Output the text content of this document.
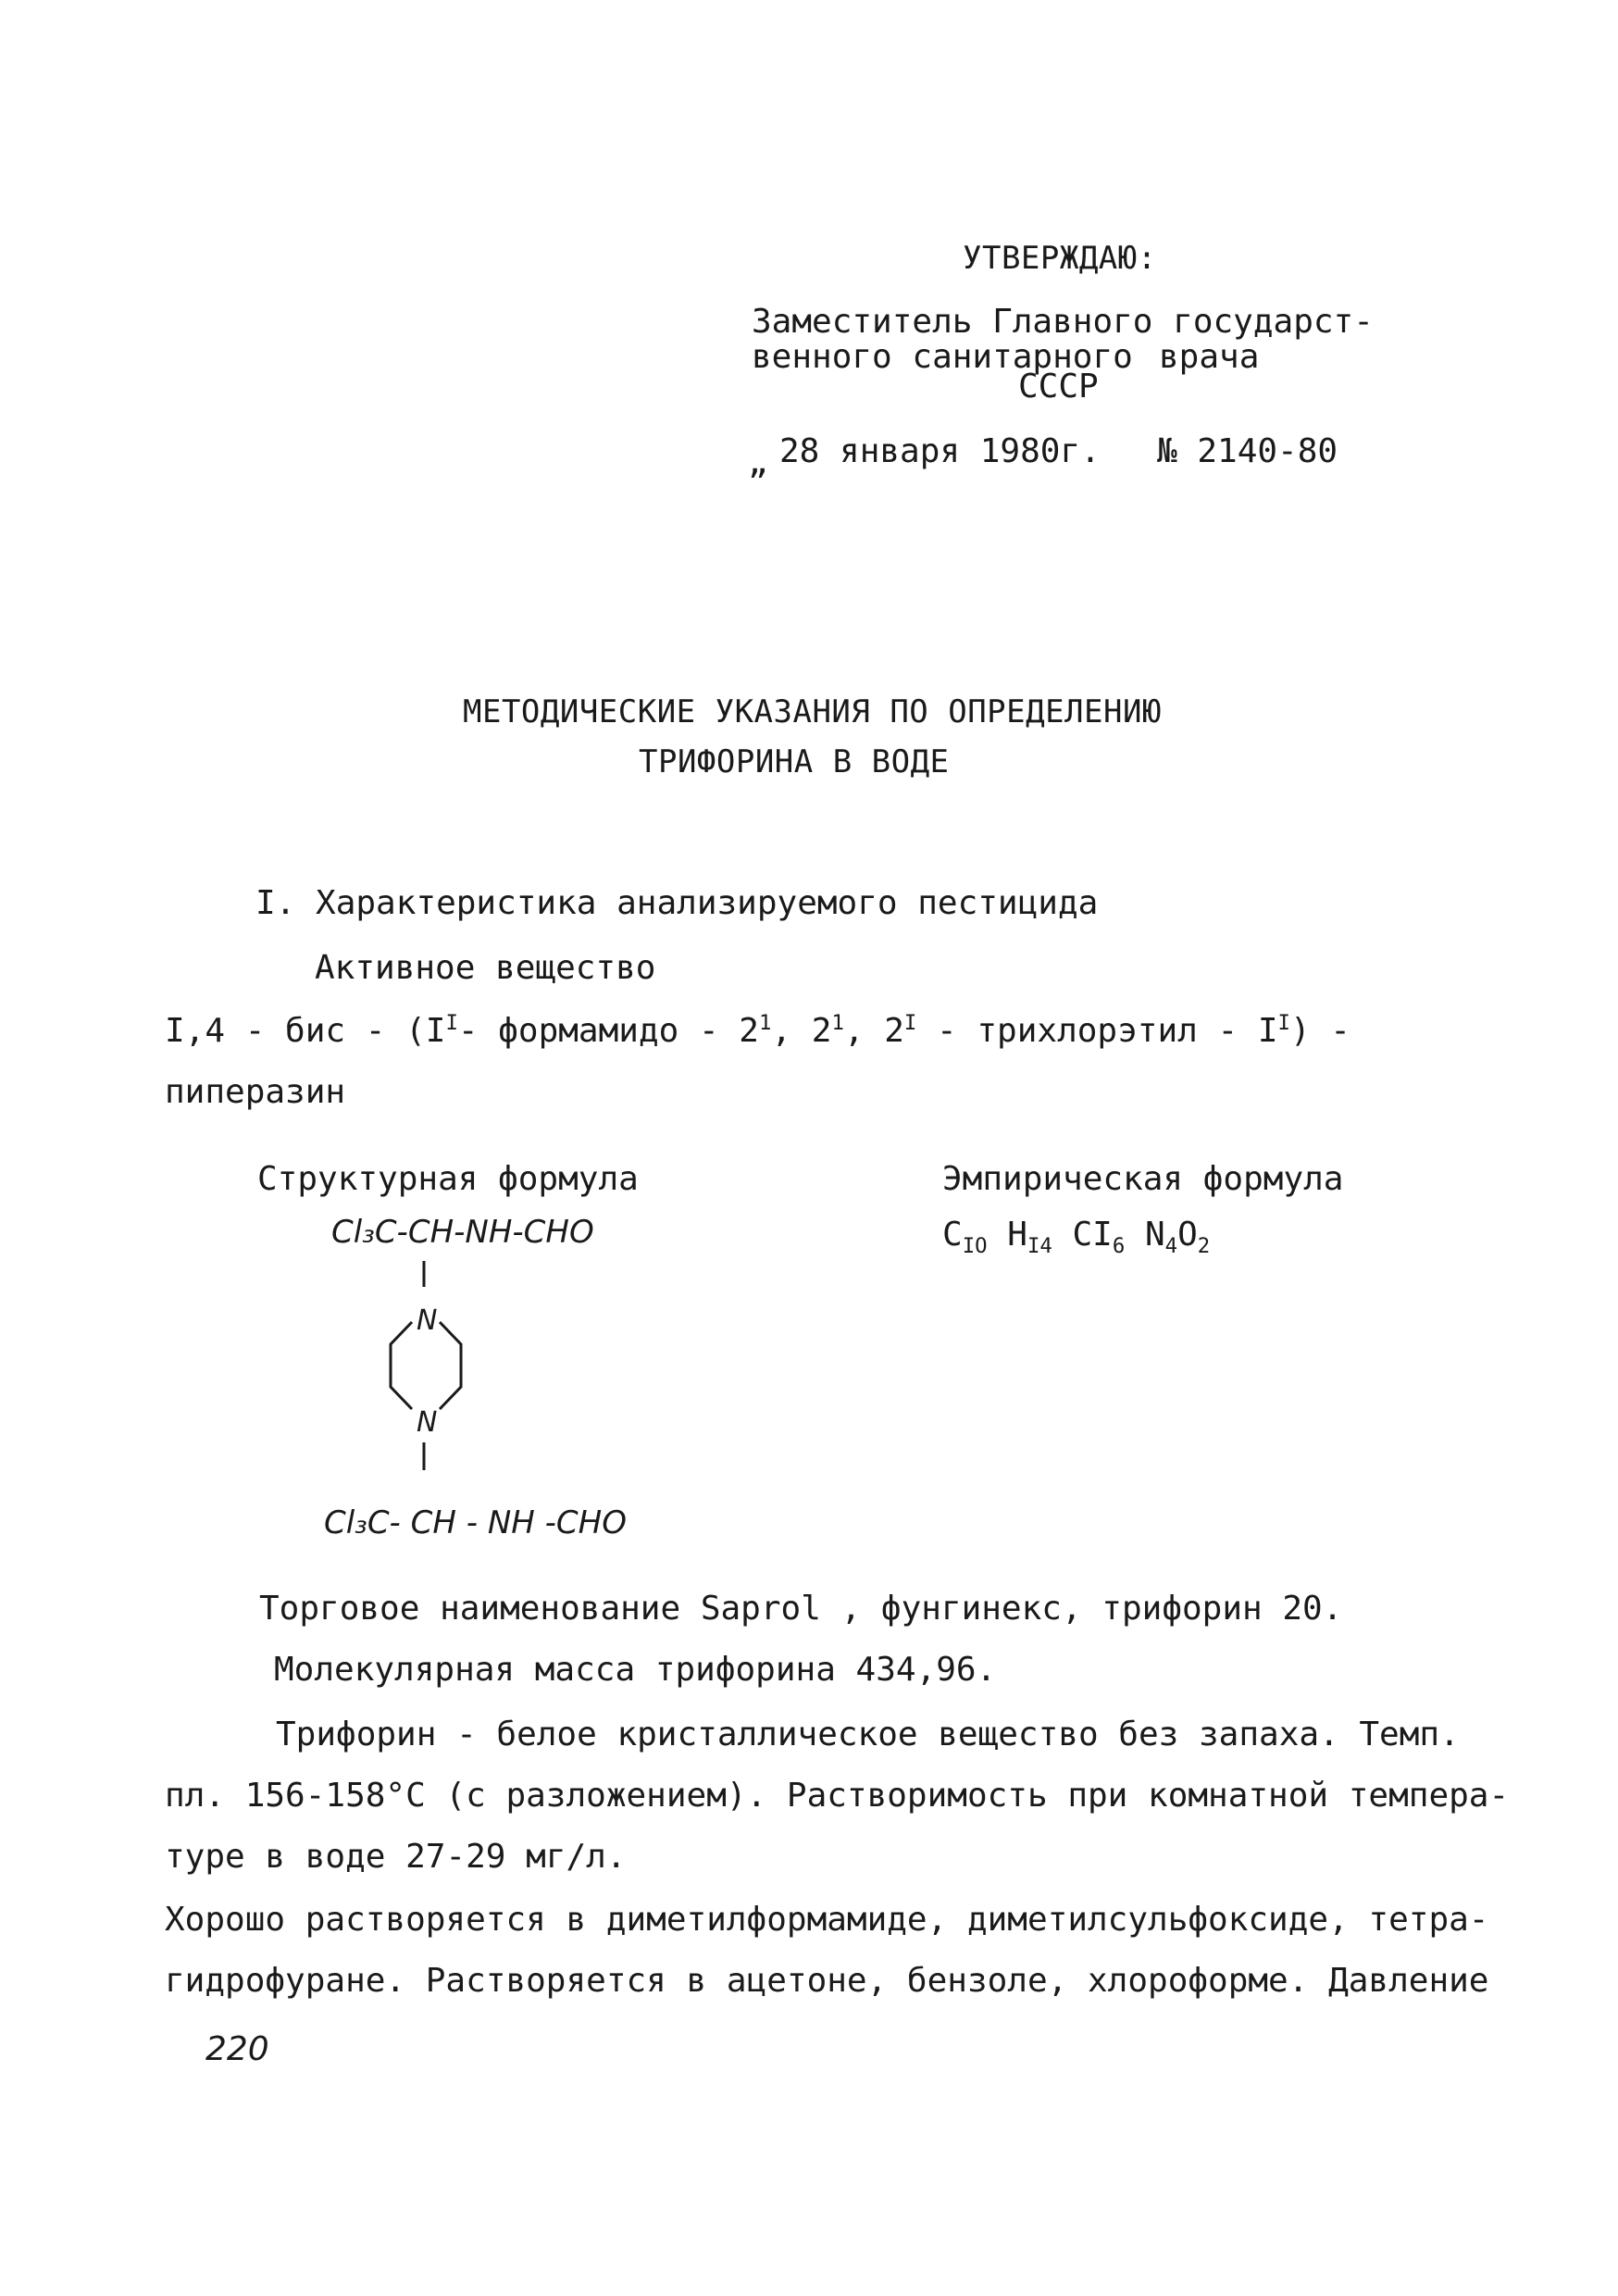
УТВЕРЖДАЮ:

Заместитель Главного государст-

венного санитарного врача

СССР

„ 28 января 1980г. № 2140-80

МЕТОДИЧЕСКИЕ УКАЗАНИЯ ПО ОПРЕДЕЛЕНИЮ

ТРИФОРИНА В ВОДЕ

I. Характеристика анализируемого пестицида

Активное вещество

I,4 - бис - ($I^I-$ формамидо - $2^1$, $2^1$, $2^I$ - трихлорэтил - $I^I$) -

пиперазин

Структурная формула	Эмпирическая формула

$C_{IO}$ $H_{I4}$ $CI_6$ $N_4O_2$

Cl₃C-CH-NH-CHO

N

N

Cl₃C- CH - NH -CHO

Торговое наименование Saprol , фунгинекс, трифорин 20.

Молекулярная масса трифорина 434,96.

Трифорин - белое кристаллическое вещество без запаха. Темп.

пл. 156-158°С (с разложением). Растворимость при комнатной темпера-

туре в воде 27-29 мг/л.

Хорошо растворяется в диметилформамиде, диметилсульфоксиде, тетра-

гидрофуране. Растворяется в ацетоне, бензоле, хлороформе. Давление

220
